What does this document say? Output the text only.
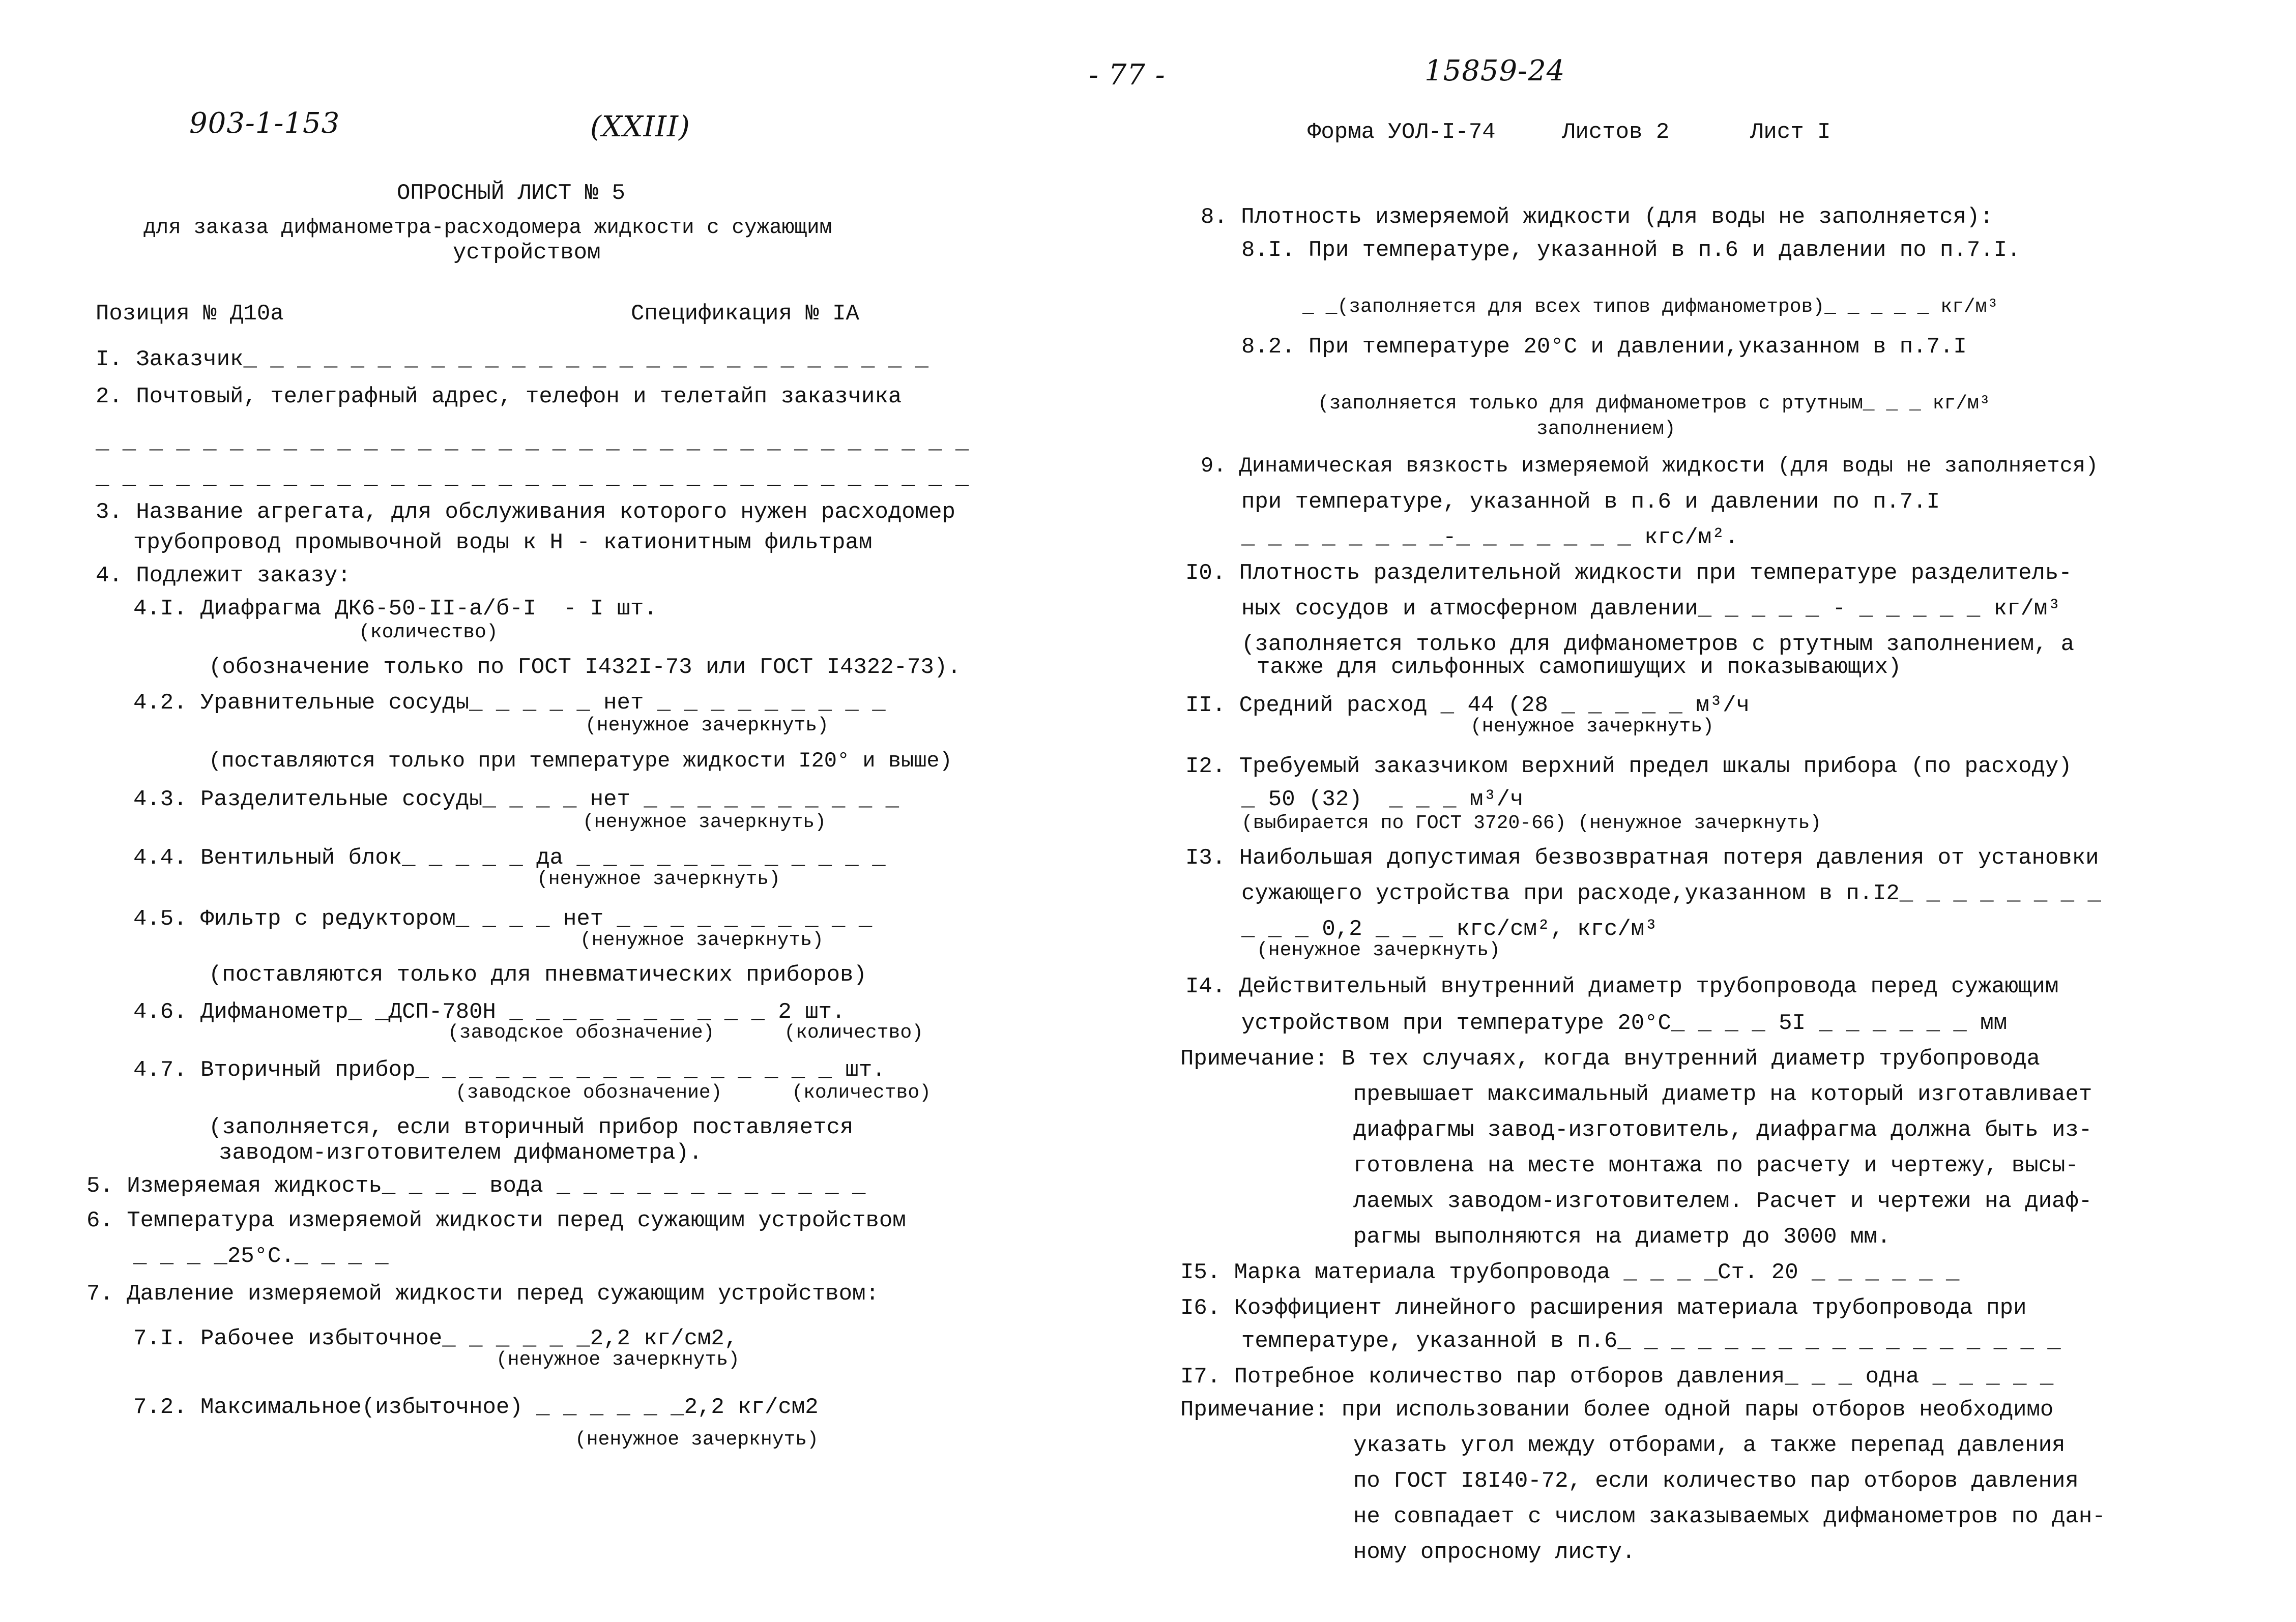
903-1-153	(XXIII)
- 77 -	15859-24
Форма УОЛ-I-74	Листов 2	Лист I
ОПРОСНЫЙ ЛИСТ № 5
для заказа дифманометра-расходомера жидкости с сужающим
устройством
Позиция № Д10а	Спецификация № IА
I. Заказчик_ _ _ _ _ _ _ _ _ _ _ _ _ _ _ _ _ _ _ _ _ _ _ _ _ _
2. Почтовый, телеграфный адрес, телефон и телетайп заказчика
_ _ _ _ _ _ _ _ _ _ _ _ _ _ _ _ _ _ _ _ _ _ _ _ _ _ _ _ _ _ _ _ _
_ _ _ _ _ _ _ _ _ _ _ _ _ _ _ _ _ _ _ _ _ _ _ _ _ _ _ _ _ _ _ _ _
3. Название агрегата, для обслуживания которого нужен расходомер
трубопровод промывочной воды к Н - катионитным фильтрам
4. Подлежит заказу:
4.I. Диафрагма ДК6-50-II-а/б-I  - I шт.
(количество)
(обозначение только по ГОСТ I432I-73 или ГОСТ I4322-73).
4.2. Уравнительные сосуды_ _ _ _ _ нет _ _ _ _ _ _ _ _ _
(ненужное зачеркнуть)
(поставляются только при температуре жидкости I20° и выше)
4.3. Разделительные сосуды_ _ _ _ нет _ _ _ _ _ _ _ _ _ _
(ненужное зачеркнуть)
4.4. Вентильный блок_ _ _ _ _ да _ _ _ _ _ _ _ _ _ _ _ _
(ненужное зачеркнуть)
4.5. Фильтр с редуктором_ _ _ _ нет _ _ _ _ _ _ _ _ _ _
(ненужное зачеркнуть)
(поставляются только для пневматических приборов)
4.6. Дифманометр_ _ДСП-780Н _ _ _ _ _ _ _ _ _ _ 2 шт.
(заводское обозначение)      (количество)
4.7. Вторичный прибор_ _ _ _ _ _ _ _ _ _ _ _ _ _ _ _ шт.
(заводское обозначение)      (количество)
(заполняется, если вторичный прибор поставляется
заводом-изготовителем дифманометра).
5. Измеряемая жидкость_ _ _ _ вода _ _ _ _ _ _ _ _ _ _ _ _
6. Температура измеряемой жидкости перед сужающим устройством
_ _ _ _25°С._ _ _ _
7. Давление измеряемой жидкости перед сужающим устройством:
7.I. Рабочее избыточное_ _ _ _ _ _2,2 кг/см2,
(ненужное зачеркнуть)
7.2. Максимальное(избыточное) _ _ _ _ _ _2,2 кг/см2
(ненужное зачеркнуть)
8. Плотность измеряемой жидкости (для воды не заполняется):
8.I. При температуре, указанной в п.6 и давлении по п.7.I.
_ _(заполняется для всех типов дифманометров)_ _ _ _ _ кг/м³
8.2. При температуре 20°С и давлении,указанном в п.7.I
(заполняется только для дифманометров с ртутным_ _ _ кг/м³
заполнением)
9. Динамическая вязкость измеряемой жидкости (для воды не заполняется)
при температуре, указанной в п.6 и давлении по п.7.I
_ _ _ _ _ _ _ _-_ _ _ _ _ _ _ кгс/м².
I0. Плотность разделительной жидкости при температуре разделитель-
ных сосудов и атмосферном давлении_ _ _ _ _ - _ _ _ _ _ кг/м³
(заполняется только для дифманометров с ртутным заполнением, а
также для сильфонных самопишущих и показывающих)
II. Средний расход _ 44 (28 _ _ _ _ _ м³/ч
(ненужное зачеркнуть)
I2. Требуемый заказчиком верхний предел шкалы прибора (по расходу)
_ 50 (32)  _ _ _ м³/ч
(выбирается по ГОСТ 3720-66) (ненужное зачеркнуть)
I3. Наибольшая допустимая безвозвратная потеря давления от установки
сужающего устройства при расходе,указанном в п.I2_ _ _ _ _ _ _ _
_ _ _ 0,2 _ _ _ кгс/см², кгс/м³
(ненужное зачеркнуть)
I4. Действительный внутренний диаметр трубопровода перед сужающим
устройством при температуре 20°С_ _ _ _ 5I _ _ _ _ _ _ мм
Примечание: В тех случаях, когда внутренний диаметр трубопровода
превышает максимальный диаметр на который изготавливает
диафрагмы завод-изготовитель, диафрагма должна быть из-
готовлена на месте монтажа по расчету и чертежу, высы-
лаемых заводом-изготовителем. Расчет и чертежи на диаф-
рагмы выполняются на диаметр до 3000 мм.
I5. Марка материала трубопровода _ _ _ _Ст. 20 _ _ _ _ _ _
I6. Коэффициент линейного расширения материала трубопровода при
температуре, указанной в п.6_ _ _ _ _ _ _ _ _ _ _ _ _ _ _ _ _
I7. Потребное количество пар отборов давления_ _ _ одна _ _ _ _ _
Примечание: при использовании более одной пары отборов необходимо
указать угол между отборами, а также перепад давления
по ГОСТ I8I40-72, если количество пар отборов давления
не совпадает с числом заказываемых дифманометров по дан-
ному опросному листу.
